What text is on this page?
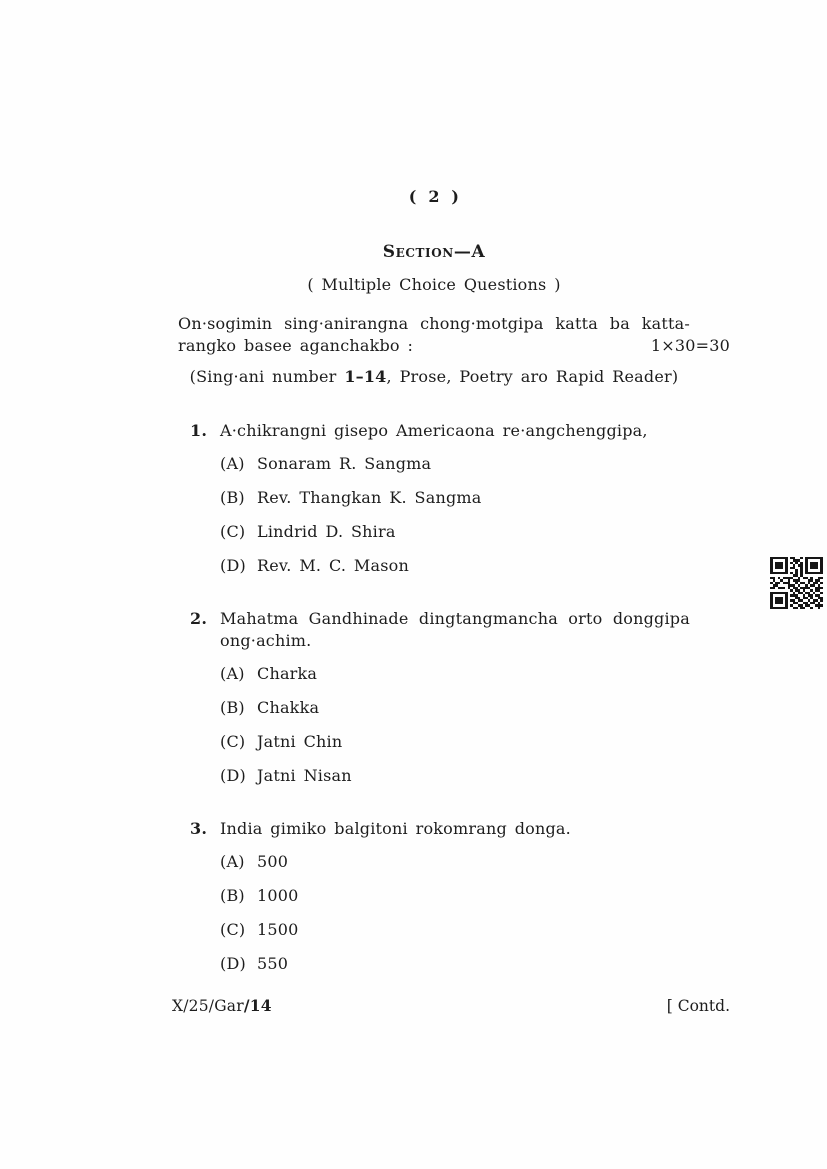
( 2 )
Section—A
( Multiple Choice Questions )
On·sogimin sing·anirangna chong·motgipa katta ba katta-
rangko basee aganchakbo :	1×30=30
(Sing·ani number 1–14, Prose, Poetry aro Rapid Reader)
1. A·chikrangni gisepo Americaona re·angchenggipa,
(A) Sonaram R. Sangma
(B) Rev. Thangkan K. Sangma
(C) Lindrid D. Shira
(D) Rev. M. C. Mason
2. Mahatma Gandhinade dingtangmancha orto donggipa ong·achim.
(A) Charka
(B) Chakka
(C) Jatni Chin
(D) Jatni Nisan
3. India gimiko balgitoni rokomrang donga.
(A) 500
(B) 1000
(C) 1500
(D) 550
X/25/Gar/14	[ Contd.
